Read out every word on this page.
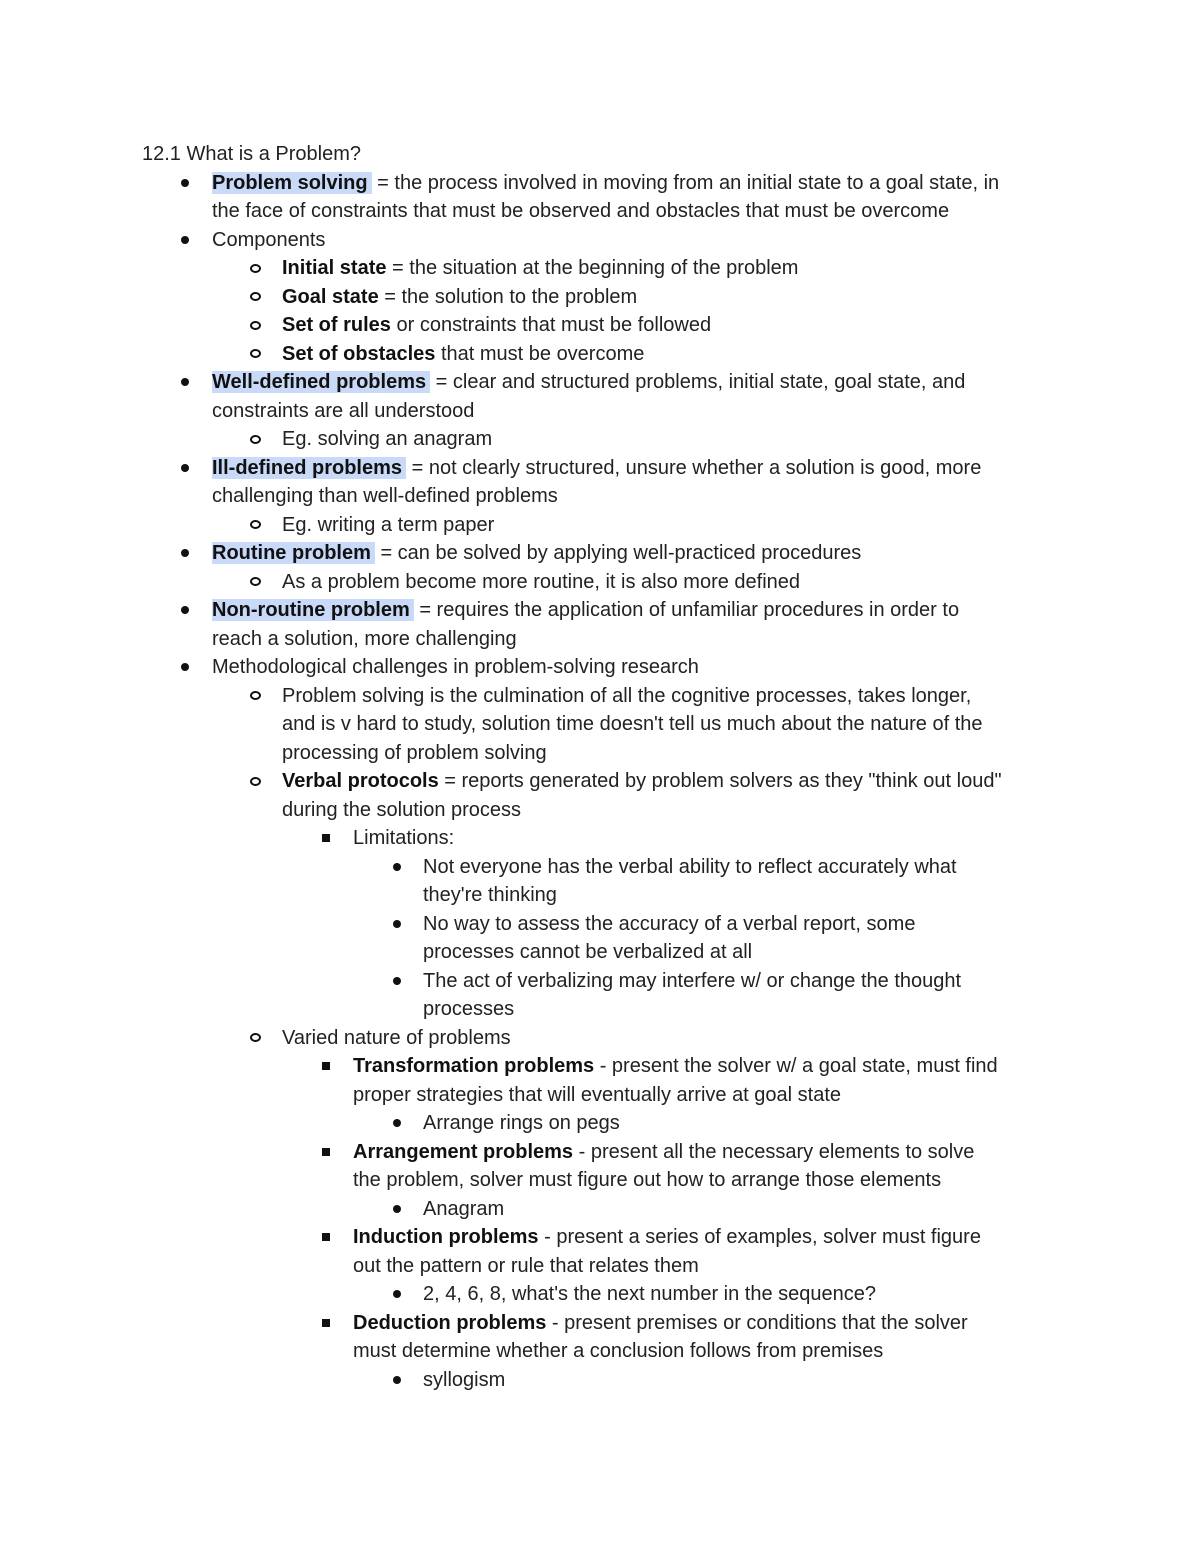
12.1 What is a Problem?
Problem solving = the process involved in moving from an initial state to a goal state, in
the face of constraints that must be observed and obstacles that must be overcome
Components
Initial state = the situation at the beginning of the problem
Goal state = the solution to the problem
Set of rules or constraints that must be followed
Set of obstacles that must be overcome
Well-defined problems = clear and structured problems, initial state, goal state, and
constraints are all understood
Eg. solving an anagram
Ill-defined problems = not clearly structured, unsure whether a solution is good, more
challenging than well-defined problems
Eg. writing a term paper
Routine problem = can be solved by applying well-practiced procedures
As a problem become more routine, it is also more defined
Non-routine problem = requires the application of unfamiliar procedures in order to
reach a solution, more challenging
Methodological challenges in problem-solving research
Problem solving is the culmination of all the cognitive processes, takes longer,
and is v hard to study, solution time doesn't tell us much about the nature of the
processing of problem solving
Verbal protocols = reports generated by problem solvers as they "think out loud"
during the solution process
Limitations:
Not everyone has the verbal ability to reflect accurately what
they're thinking
No way to assess the accuracy of a verbal report, some
processes cannot be verbalized at all
The act of verbalizing may interfere w/ or change the thought
processes
Varied nature of problems
Transformation problems - present the solver w/ a goal state, must find
proper strategies that will eventually arrive at goal state
Arrange rings on pegs
Arrangement problems - present all the necessary elements to solve
the problem, solver must figure out how to arrange those elements
Anagram
Induction problems - present a series of examples, solver must figure
out the pattern or rule that relates them
2, 4, 6, 8, what's the next number in the sequence?
Deduction problems - present premises or conditions that the solver
must determine whether a conclusion follows from premises
syllogism
